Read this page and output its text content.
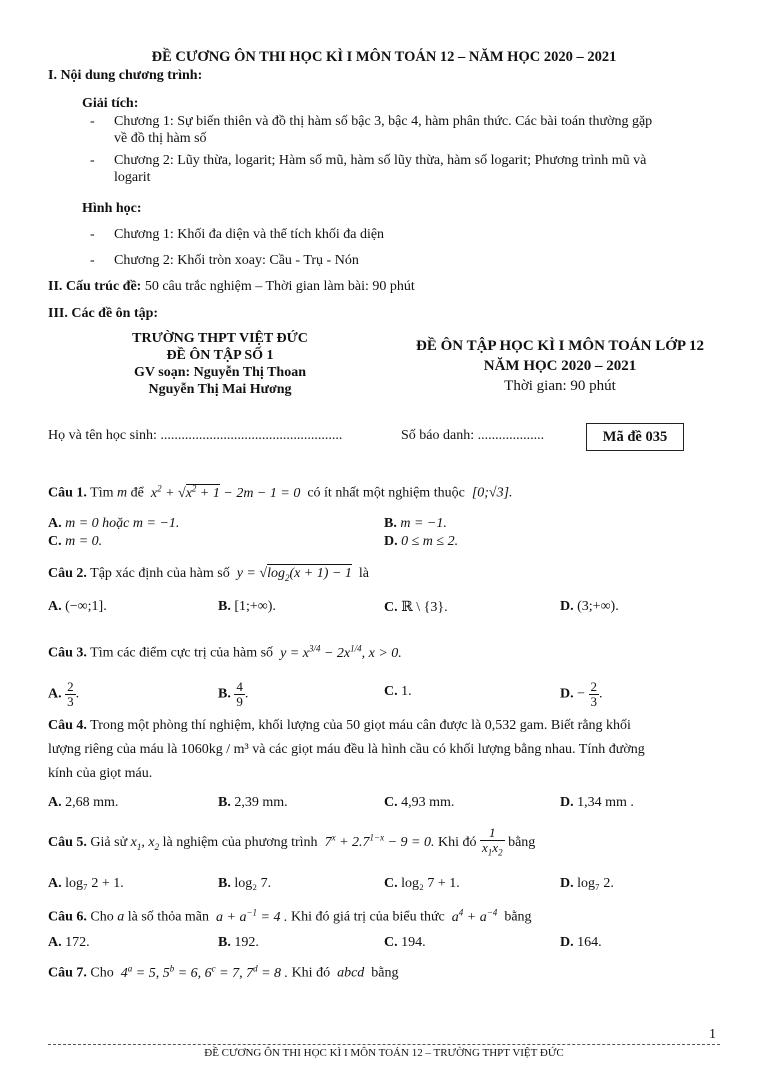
ĐỀ CƯƠNG ÔN THI HỌC KÌ I MÔN TOÁN 12 – NĂM HỌC 2020 – 2021
I. Nội dung chương trình:
Giải tích:
- Chương 1: Sự biến thiên và đồ thị hàm số bậc 3, bậc 4, hàm phân thức. Các bài toán thường gặp
về đồ thị hàm số
- Chương 2: Lũy thừa, logarit; Hàm số mũ, hàm số lũy thừa, hàm số logarit; Phương trình mũ và
logarit
Hình học:
- Chương 1: Khối đa diện và thể tích khối đa diện
- Chương 2: Khối tròn xoay: Cầu - Trụ - Nón
II. Cấu trúc đề: 50 câu trắc nghiệm – Thời gian làm bài: 90 phút
III. Các đề ôn tập:
TRƯỜNG THPT VIỆT ĐỨC
ĐỀ ÔN TẬP SỐ 1
GV soạn: Nguyễn Thị Thoan
Nguyễn Thị Mai Hương
ĐỀ ÔN TẬP HỌC KÌ I MÔN TOÁN LỚP 12
NĂM HỌC 2020 – 2021
Thời gian: 90 phút
Họ và tên học sinh: ....................................................	Số báo danh: ...................	Mã đề 035
Câu 1. Tìm m để  $x^2 + √x^2 + 1 - 2m - 1 = 0$  có ít nhất một nghiệm thuộc  [0;√3].
A. m = 0 hoặc m = −1.	B. m = −1.
C. m = 0.	D. 0 ≤ m ≤ 2.
Câu 2. Tập xác định của hàm số  $y = √\log_2(x + 1) - 1$ là
A. (−∞;1].	B. [1;+∞).	C. ℝ \ {3}.	D. (3;+∞).
Câu 3. Tìm các điểm cực trị của hàm số  $y = x^{3/4} - 2x^{1/4}$, x > 0.
A. $\frac{2}{3}$ .	B. $\frac{4}{9}$ .	C. 1.	D. − $\frac{2}{3}$ .
Câu 4. Trong một phòng thí nghiệm, khối lượng của 50 giọt máu cân được là 0,532 gam. Biết rằng khối
lượng riêng của máu là 1060kg / m³ và các giọt máu đều là hình cầu có khối lượng bằng nhau. Tính đường
kính của giọt máu.
A. 2,68 mm.	B. 2,39 mm.	C. 4,93 mm.	D. 1,34 mm .
Câu 5. Giả sử $x_1$, $x_2$ là nghiệm của phương trình  $7^x + 2.7^{1-x} - 9 = 0$. Khi đó $\frac{1}{x_1x_2}$ bằng
A. log₇ 2 + 1.	B. log₂ 7.	C. log₂ 7 + 1.	D. log₇ 2.
Câu 6. Cho a là số thỏa mãn  $a + a^{-1} = 4$ . Khi đó giá trị của biểu thức  $a^4 + a^{-4}$ bằng
A. 172.	B. 192.	C. 194.	D. 164.
Câu 7. Cho  $4^a = 5$, $5^b = 6$, $6^c = 7$, $7^d = 8$ . Khi đó  abcd  bằng
1
ĐỀ CƯƠNG ÔN THI HỌC KÌ I MÔN TOÁN 12 – TRƯỜNG THPT VIỆT ĐỨC
